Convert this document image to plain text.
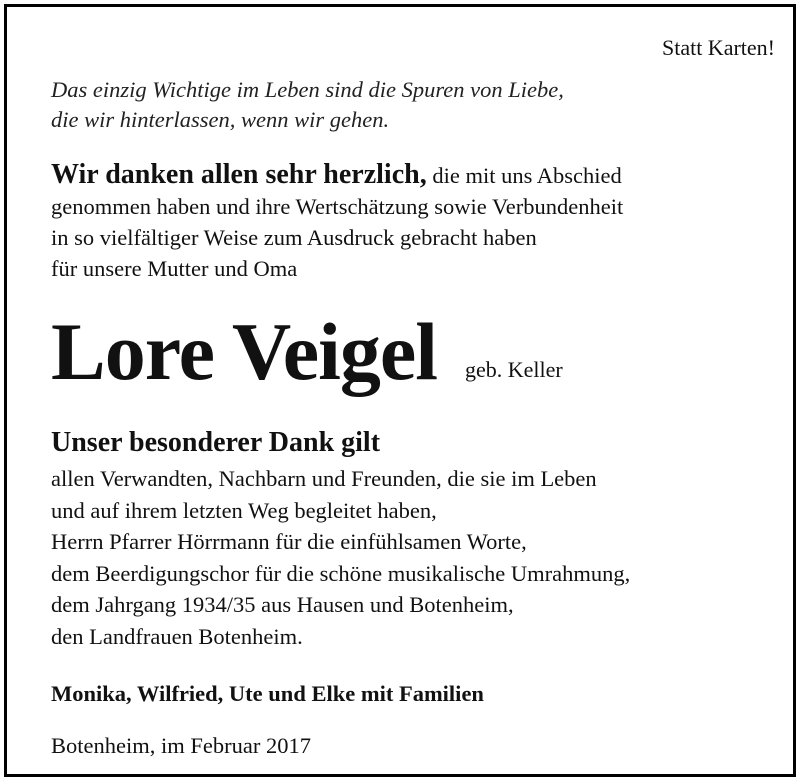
Statt Karten!
Das einzig Wichtige im Leben sind die Spuren von Liebe,
die wir hinterlassen, wenn wir gehen.
Wir danken allen sehr herzlich, die mit uns Abschied
genommen haben und ihre Wertschätzung sowie Verbundenheit
in so vielfältiger Weise zum Ausdruck gebracht haben
für unsere Mutter und Oma
Lore Veigel geb. Keller
Unser besonderer Dank gilt
allen Verwandten, Nachbarn und Freunden, die sie im Leben
und auf ihrem letzten Weg begleitet haben,
Herrn Pfarrer Hörrmann für die einfühlsamen Worte,
dem Beerdigungschor für die schöne musikalische Umrahmung,
dem Jahrgang 1934/35 aus Hausen und Botenheim,
den Landfrauen Botenheim.
Monika, Wilfried, Ute und Elke mit Familien
Botenheim, im Februar 2017
